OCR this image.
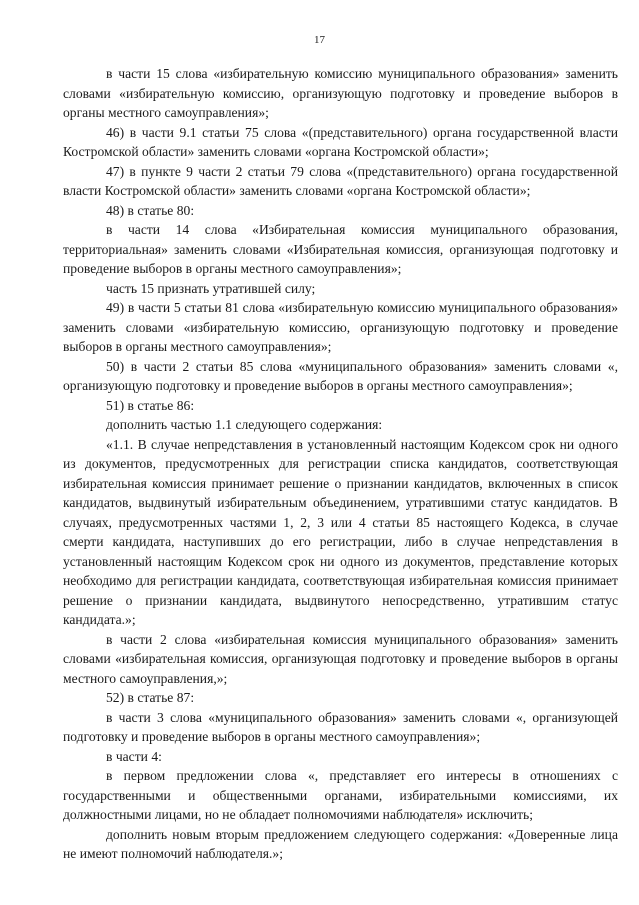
17

в части 15 слова «избирательную комиссию муниципального образования» заменить словами «избирательную комиссию, организующую подготовку и проведение выборов в органы местного самоуправления»;

46) в части 9.1 статьи 75 слова «(представительного) органа государственной власти Костромской области» заменить словами «органа Костромской области»;

47) в пункте 9 части 2 статьи 79 слова «(представительного) органа государственной власти Костромской области» заменить словами «органа Костромской области»;

48) в статье 80:

в части 14 слова «Избирательная комиссия муниципального образования, территориальная» заменить словами «Избирательная комиссия, организующая подготовку и проведение выборов в органы местного самоуправления»;

часть 15 признать утратившей силу;

49) в части 5 статьи 81 слова «избирательную комиссию муниципального образования» заменить словами «избирательную комиссию, организующую подготовку и проведение выборов в органы местного самоуправления»;

50) в части 2 статьи 85 слова «муниципального образования» заменить словами «, организующую подготовку и проведение выборов в органы местного самоуправления»;

51) в статье 86:

дополнить частью 1.1 следующего содержания:

«1.1. В случае непредставления в установленный настоящим Кодексом срок ни одного из документов, предусмотренных для регистрации списка кандидатов, соответствующая избирательная комиссия принимает решение о признании кандидатов, включенных в список кандидатов, выдвинутый избирательным объединением, утратившими статус кандидатов. В случаях, предусмотренных частями 1, 2, 3 или 4 статьи 85 настоящего Кодекса, в случае смерти кандидата, наступивших до его регистрации, либо в случае непредставления в установленный настоящим Кодексом срок ни одного из документов, представление которых необходимо для регистрации кандидата, соответствующая избирательная комиссия принимает решение о признании кандидата, выдвинутого непосредственно, утратившим статус кандидата.»;

в части 2 слова «избирательная комиссия муниципального образования» заменить словами «избирательная комиссия, организующая подготовку и проведение выборов в органы местного самоуправления,»;

52) в статье 87:

в части 3 слова «муниципального образования» заменить словами «, организующей подготовку и проведение выборов в органы местного самоуправления»;

в части 4:

в первом предложении слова «, представляет его интересы в отношениях с государственными и общественными органами, избирательными комиссиями, их должностными лицами, но не обладает полномочиями наблюдателя» исключить;

дополнить новым вторым предложением следующего содержания: «Доверенные лица не имеют полномочий наблюдателя.»;
